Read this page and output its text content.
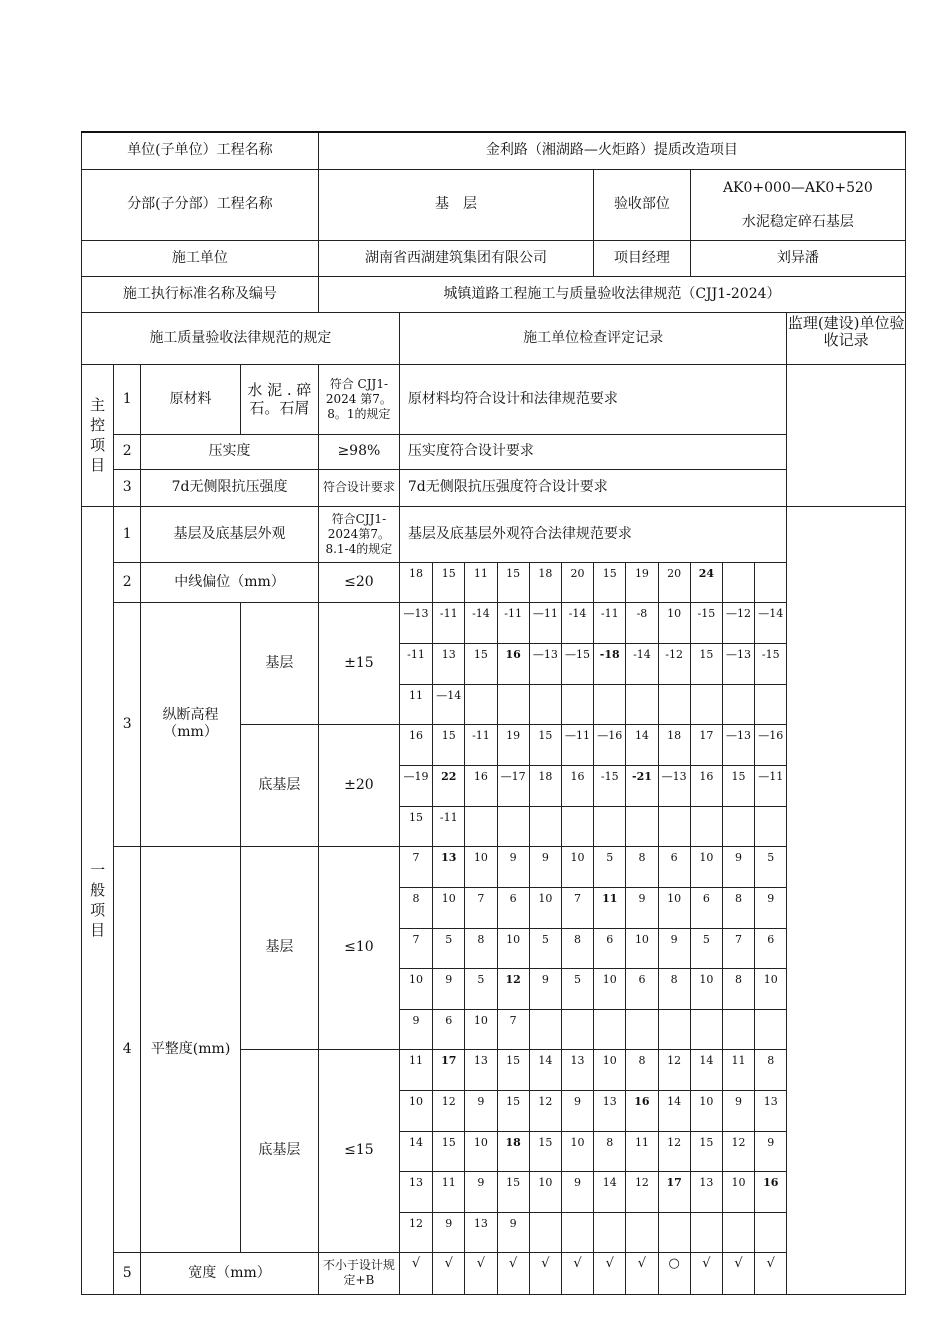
单位(子单位）工程名称				金利路（湘湖路—火炬路）提质改造项目													
分部(子分部）工程名称				基　层							验收部位			AK0+000—AK0+520
水泥稳定碎石基层			

施工单位				湖南省西湖建筑集团有限公司							项目经理			刘异潘			
施工执行标准名称及编号				城镇道路工程施工与质量验收法律规范（CJJ1-2024）													
施工质量验收法律规范的规定					施工单位检查评定记录												监理(建设)单位验收记录
主控项目	1	原材料	水 泥 . 碎石。石屑	符合 CJJ1-2024 第7。8。1的规定	原材料均符合设计和法律规范要求												
	2	压实度		≥98%	压实度符合设计要求												
	3	7d无侧限抗压强度		符合设计要求	7d无侧限抗压强度符合设计要求												
一般项目	1	基层及底基层外观		符合CJJ1-2024第7。8.1-4的规定	基层及底基层外观符合法律规范要求												
	2	中线偏位（mm）		≤20	18	15	11	15	18	20	15	19	20	24			
	3	纵断高程（mm）	基层	±15	—13	-11	-14	-11	—11	-14	-11	-8	10	-15	—12	—14	
					-11	13	15	16	—13	—15	-18	-14	-12	15	—13	-15	
					11	—14											
			底基层	±20	16	15	-11	19	15	—11	—16	14	18	17	—13	—16	
					—19	22	16	—17	18	16	-15	-21	—13	16	15	—11	
					15	-11											
	4	平整度(mm)	基层	≤10	7	13	10	9	9	10	5	8	6	10	9	5	
					8	10	7	6	10	7	11	9	10	6	8	9	
					7	5	8	10	5	8	6	10	9	5	7	6	
					10	9	5	12	9	5	10	6	8	10	8	10	
					9	6	10	7									
			底基层	≤15	11	17	13	15	14	13	10	8	12	14	11	8	
					10	12	9	15	12	9	13	16	14	10	9	13	
					14	15	10	18	15	10	8	11	12	15	12	9	
					13	11	9	15	10	9	14	12	17	13	10	16	
					12	9	13	9									
	5	宽度（mm）		不小于设计规定+B	√	√	√	√	√	√	√	√	○	√	√	√	
